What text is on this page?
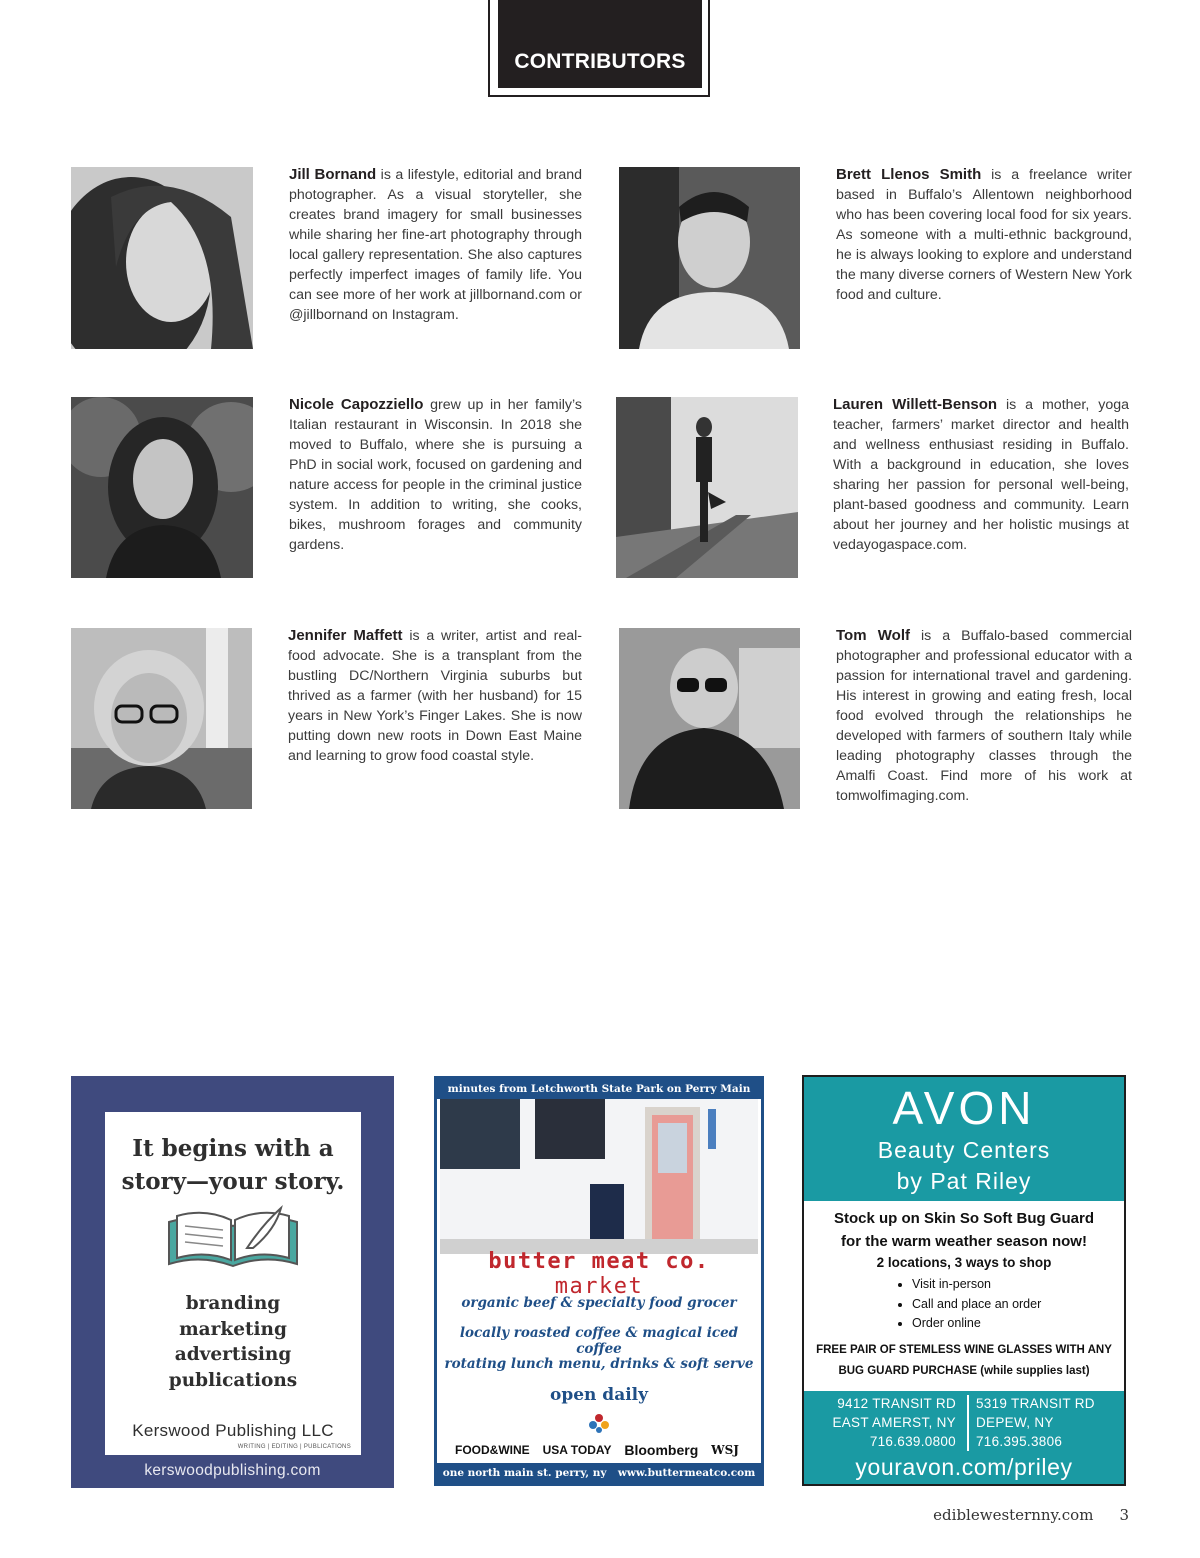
CONTRIBUTORS
Jill Bornand is a lifestyle, editorial and brand photographer. As a visual storyteller, she creates brand imagery for small businesses while sharing her fine-art photography through local gallery representation. She also captures perfectly imperfect images of family life. You can see more of her work at jillbornand.com or @jillbornand on Instagram.
Brett Llenos Smith is a freelance writer based in Buffalo’s Allentown neighborhood who has been covering local food for six years. As someone with a multi-ethnic background, he is always looking to explore and understand the many diverse corners of Western New York food and culture.
Nicole Capozziello grew up in her family’s Italian restaurant in Wisconsin. In 2018 she moved to Buffalo, where she is pursuing a PhD in social work, focused on gardening and nature access for people in the criminal justice system. In addition to writing, she cooks, bikes, mushroom forages and community gardens.
Lauren Willett-Benson is a mother, yoga teacher, farmers’ market director and health and wellness enthusiast residing in Buffalo. With a background in education, she loves sharing her passion for personal well-being, plant-based goodness and community. Learn about her journey and her holistic musings at vedayogaspace.com.
Jennifer Maffett is a writer, artist and real-food advocate. She is a transplant from the bustling DC/Northern Virginia suburbs but thrived as a farmer (with her husband) for 15 years in New York’s Finger Lakes. She is now putting down new roots in Down East Maine and learning to grow food coastal style.
Tom Wolf is a Buffalo-based commercial photographer and professional educator with a passion for international travel and gardening. His interest in growing and eating fresh, local food evolved through the relationships he developed with farmers of southern Italy while leading photography classes through the Amalfi Coast. Find more of his work at tomwolfimaging.com.
It begins with a story—your story.
branding
marketing
advertising
publications
Kerswood Publishing LLC
WRITING | EDITING | PUBLICATIONS
kerswoodpublishing.com
minutes from Letchworth State Park on Perry Main
butter meat co. market
organic beef & specialty food grocer
locally roasted coffee & magical iced coffee
rotating lunch menu, drinks & soft serve
open daily
FOOD&WINE USA TODAY Bloomberg WSJ
one north main st. perry, ny www.buttermeatco.com
AVON
Beauty Centers
by Pat Riley
Stock up on Skin So Soft Bug Guard
for the warm weather season now!
2 locations, 3 ways to shop
• Visit in-person
• Call and place an order
• Order online
FREE PAIR OF STEMLESS WINE GLASSES WITH ANY
BUG GUARD PURCHASE (while supplies last)
9412 TRANSIT RD
EAST AMERST, NY
716.639.0800
5319 TRANSIT RD
DEPEW, NY
716.395.3806
youravon.com/priley
ediblewesternny.com 3
